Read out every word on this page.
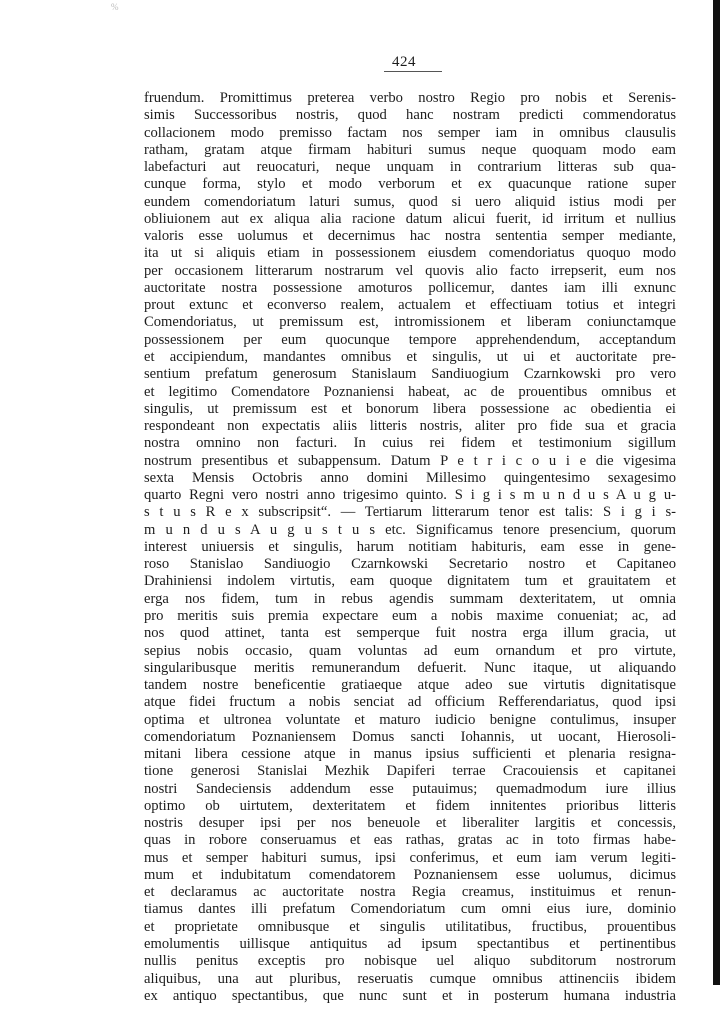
%
424
fruendum. Promittimus preterea verbo nostro Regio pro nobis et Serenis-
simis Successoribus nostris, quod hanc nostram predicti commendoratus
collacionem modo premisso factam nos semper iam in omnibus clausulis
ratham, gratam atque firmam habituri sumus neque quoquam modo eam
labefacturi aut reuocaturi, neque unquam in contrarium litteras sub qua-
cunque forma, stylo et modo verborum et ex quacunque ratione super
eundem comendoriatum laturi sumus, quod si uero aliquid istius modi per
obliuionem aut ex aliqua alia racione datum alicui fuerit, id irritum et nullius
valoris esse uolumus et decernimus hac nostra sententia semper mediante,
ita ut si aliquis etiam in possessionem eiusdem comendoriatus quoquo modo
per occasionem litterarum nostrarum vel quovis alio facto irrepserit, eum nos
auctoritate nostra possessione amoturos pollicemur, dantes iam illi exnunc
prout extunc et econverso realem, actualem et effectiuam totius et integri
Comendoriatus, ut premissum est, intromissionem et liberam coniunctamque
possessionem per eum quocunque tempore apprehendendum, acceptandum
et accipiendum, mandantes omnibus et singulis, ut ui et auctoritate pre-
sentium prefatum generosum Stanislaum Sandiuogium Czarnkowski pro vero
et legitimo Comendatore Poznaniensi habeat, ac de prouentibus omnibus et
singulis, ut premissum est et bonorum libera possessione ac obedientia ei
respondeant non expectatis aliis litteris nostris, aliter pro fide sua et gracia
nostra omnino non facturi. In cuius rei fidem et testimonium sigillum
nostrum presentibus et subappensum. Datum P e t r i c o u i e die vigesima
sexta Mensis Octobris anno domini Millesimo quingentesimo sexagesimo
quarto Regni vero nostri anno trigesimo quinto. S i g i s m u n d u s A u g u-
s t u s R e x subscripsit“. — Tertiarum litterarum tenor est talis: S i g i s-
m u n d u s A u g u s t u s etc. Significamus tenore presencium, quorum
interest uniuersis et singulis, harum notitiam habituris, eam esse in gene-
roso Stanislao Sandiuogio Czarnkowski Secretario nostro et Capitaneo
Drahiniensi indolem virtutis, eam quoque dignitatem tum et grauitatem et
erga nos fidem, tum in rebus agendis summam dexteritatem, ut omnia
pro meritis suis premia expectare eum a nobis maxime conueniat; ac, ad
nos quod attinet, tanta est semperque fuit nostra erga illum gracia, ut
sepius nobis occasio, quam voluntas ad eum ornandum et pro virtute,
singularibusque meritis remunerandum defuerit. Nunc itaque, ut aliquando
tandem nostre beneficentie gratiaeque atque adeo sue virtutis dignitatisque
atque fidei fructum a nobis senciat ad officium Refferendariatus, quod ipsi
optima et ultronea voluntate et maturo iudicio benigne contulimus, insuper
comendoriatum Poznaniensem Domus sancti Iohannis, ut uocant, Hierosoli-
mitani libera cessione atque in manus ipsius sufficienti et plenaria resigna-
tione generosi Stanislai Mezhik Dapiferi terrae Cracouiensis et capitanei
nostri Sandeciensis addendum esse putauimus; quemadmodum iure illius
optimo ob uirtutem, dexteritatem et fidem innitentes prioribus litteris
nostris desuper ipsi per nos beneuole et liberaliter largitis et concessis,
quas in robore conseruamus et eas rathas, gratas ac in toto firmas habe-
mus et semper habituri sumus, ipsi conferimus, et eum iam verum legiti-
mum et indubitatum comendatorem Poznaniensem esse uolumus, dicimus
et declaramus ac auctoritate nostra Regia creamus, instituimus et renun-
tiamus dantes illi prefatum Comendoriatum cum omni eius iure, dominio
et proprietate omnibusque et singulis utilitatibus, fructibus, prouentibus
emolumentis uillisque antiquitus ad ipsum spectantibus et pertinentibus
nullis penitus exceptis pro nobisque uel aliquo subditorum nostrorum
aliquibus, una aut pluribus, reseruatis cumque omnibus attinenciis ibidem
ex antiquo spectantibus, que nunc sunt et in posterum humana industria
